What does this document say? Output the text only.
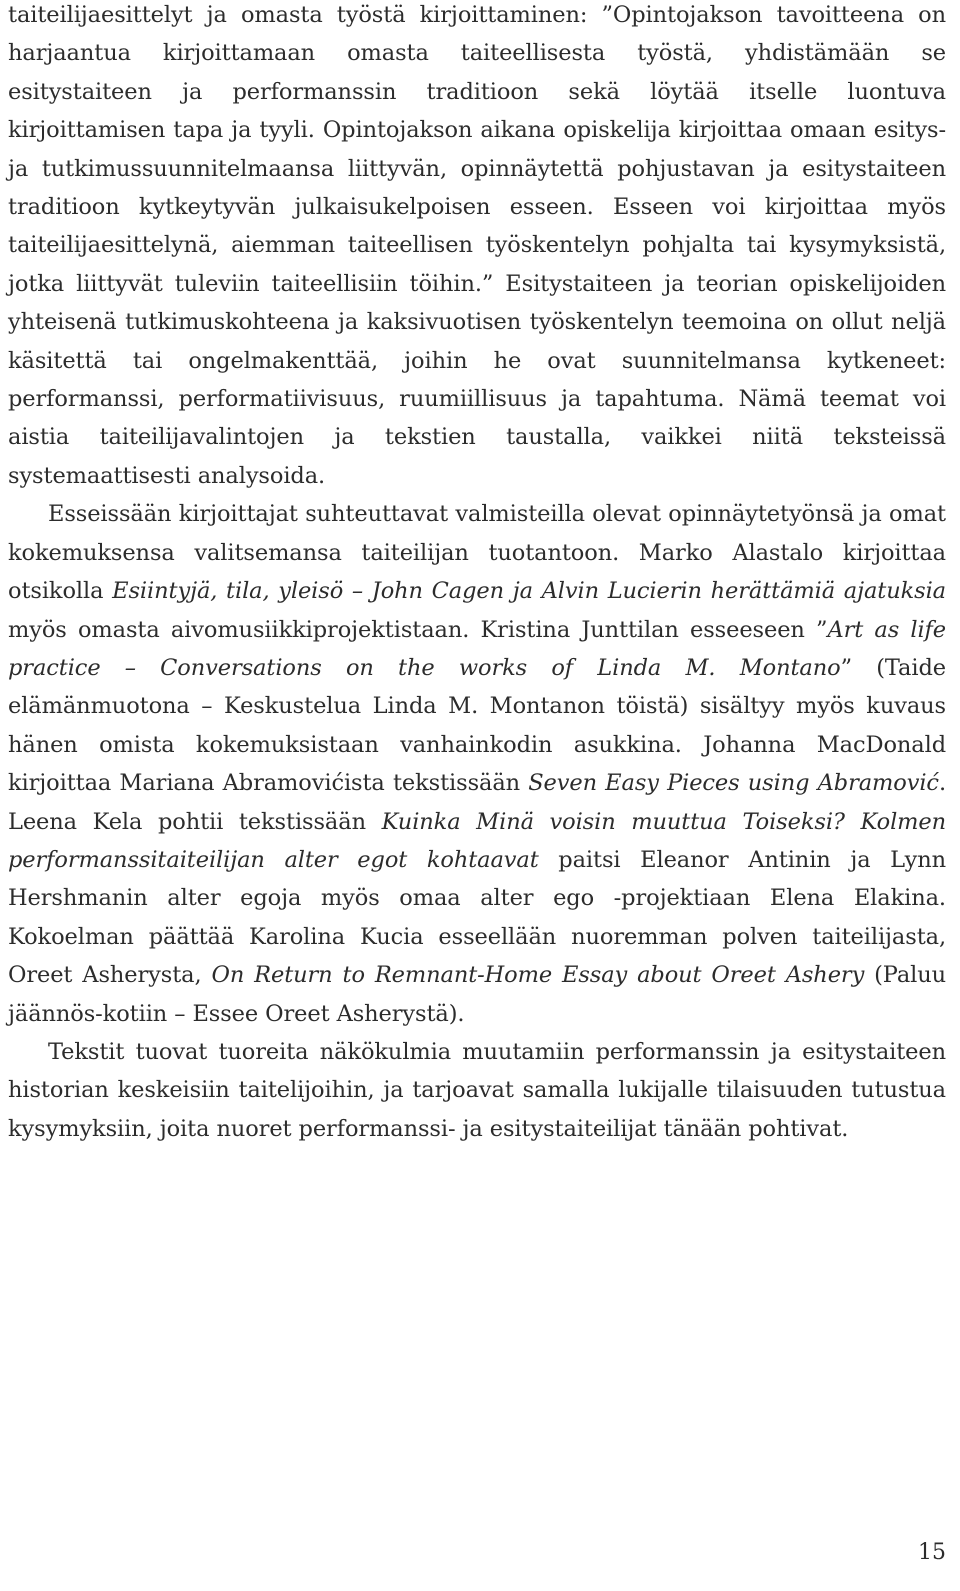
taiteilijaesittelyt ja omasta työstä kirjoittaminen: ”Opintojakson tavoitteena on harjaantua kirjoittamaan omasta taiteellisesta työstä, yhdistämään se esitystaiteen ja performanssin traditioon sekä löytää itselle luontuva kirjoittamisen tapa ja tyyli. Opintojakson aikana opiskelija kirjoittaa omaan esitys- ja tutkimussuunnitelmaansa liittyvän, opinnäytettä pohjustavan ja esitystaiteen traditioon kytkeytyvän julkaisukelpoisen esseen. Esseen voi kirjoittaa myös taiteilijaesittelynä, aiemman taiteellisen työskentelyn pohjalta tai kysymyksistä, jotka liittyvät tuleviin taiteellisiin töihin.” Esitystaiteen ja teorian opiskelijoiden yhteisenä tutkimuskohteena ja kaksivuotisen työskentelyn teemoina on ollut neljä käsitettä tai ongelmakenttää, joihin he ovat suunnitelmansa kytkeneet: performanssi, performatiivisuus, ruumiillisuus ja tapahtuma. Nämä teemat voi aistia taiteilijavalintojen ja tekstien taustalla, vaikkei niitä teksteissä systemaattisesti analysoida.

Esseissään kirjoittajat suhteuttavat valmisteilla olevat opinnäytetyönsä ja omat kokemuksensa valitsemansa taiteilijan tuotantoon. Marko Alastalo kirjoittaa otsikolla Esiintyjä, tila, yleisö – John Cagen ja Alvin Lucierin herättämiä ajatuksia myös omasta aivomusiikkiprojektistaan. Kristina Junttilan esseeseen ”Art as life practice – Conversations on the works of Linda M. Montano” (Taide elämänmuotona – Keskustelua Linda M. Montanon töistä) sisältyy myös kuvaus hänen omista kokemuksistaan vanhainkodin asukkina. Johanna MacDonald kirjoittaa Mariana Abramovićista tekstissään Seven Easy Pieces using Abramović. Leena Kela pohtii tekstissään Kuinka Minä voisin muuttua Toiseksi? Kolmen performanssitaiteilijan alter egot kohtaavat paitsi Eleanor Antinin ja Lynn Hershmanin alter egoja myös omaa alter ego -projektiaan Elena Elakina. Kokoelman päättää Karolina Kucia esseellään nuoremman polven taiteilijasta, Oreet Asherysta, On Return to Remnant-Home Essay about Oreet Ashery (Paluu jäännös-kotiin – Essee Oreet Asherystä).

Tekstit tuovat tuoreita näkökulmia muutamiin performanssin ja esitystaiteen historian keskeisiin taitelijoihin, ja tarjoavat samalla lukijalle tilaisuuden tutustua kysymyksiin, joita nuoret performanssi- ja esitystaiteilijat tänään pohtivat.

15
